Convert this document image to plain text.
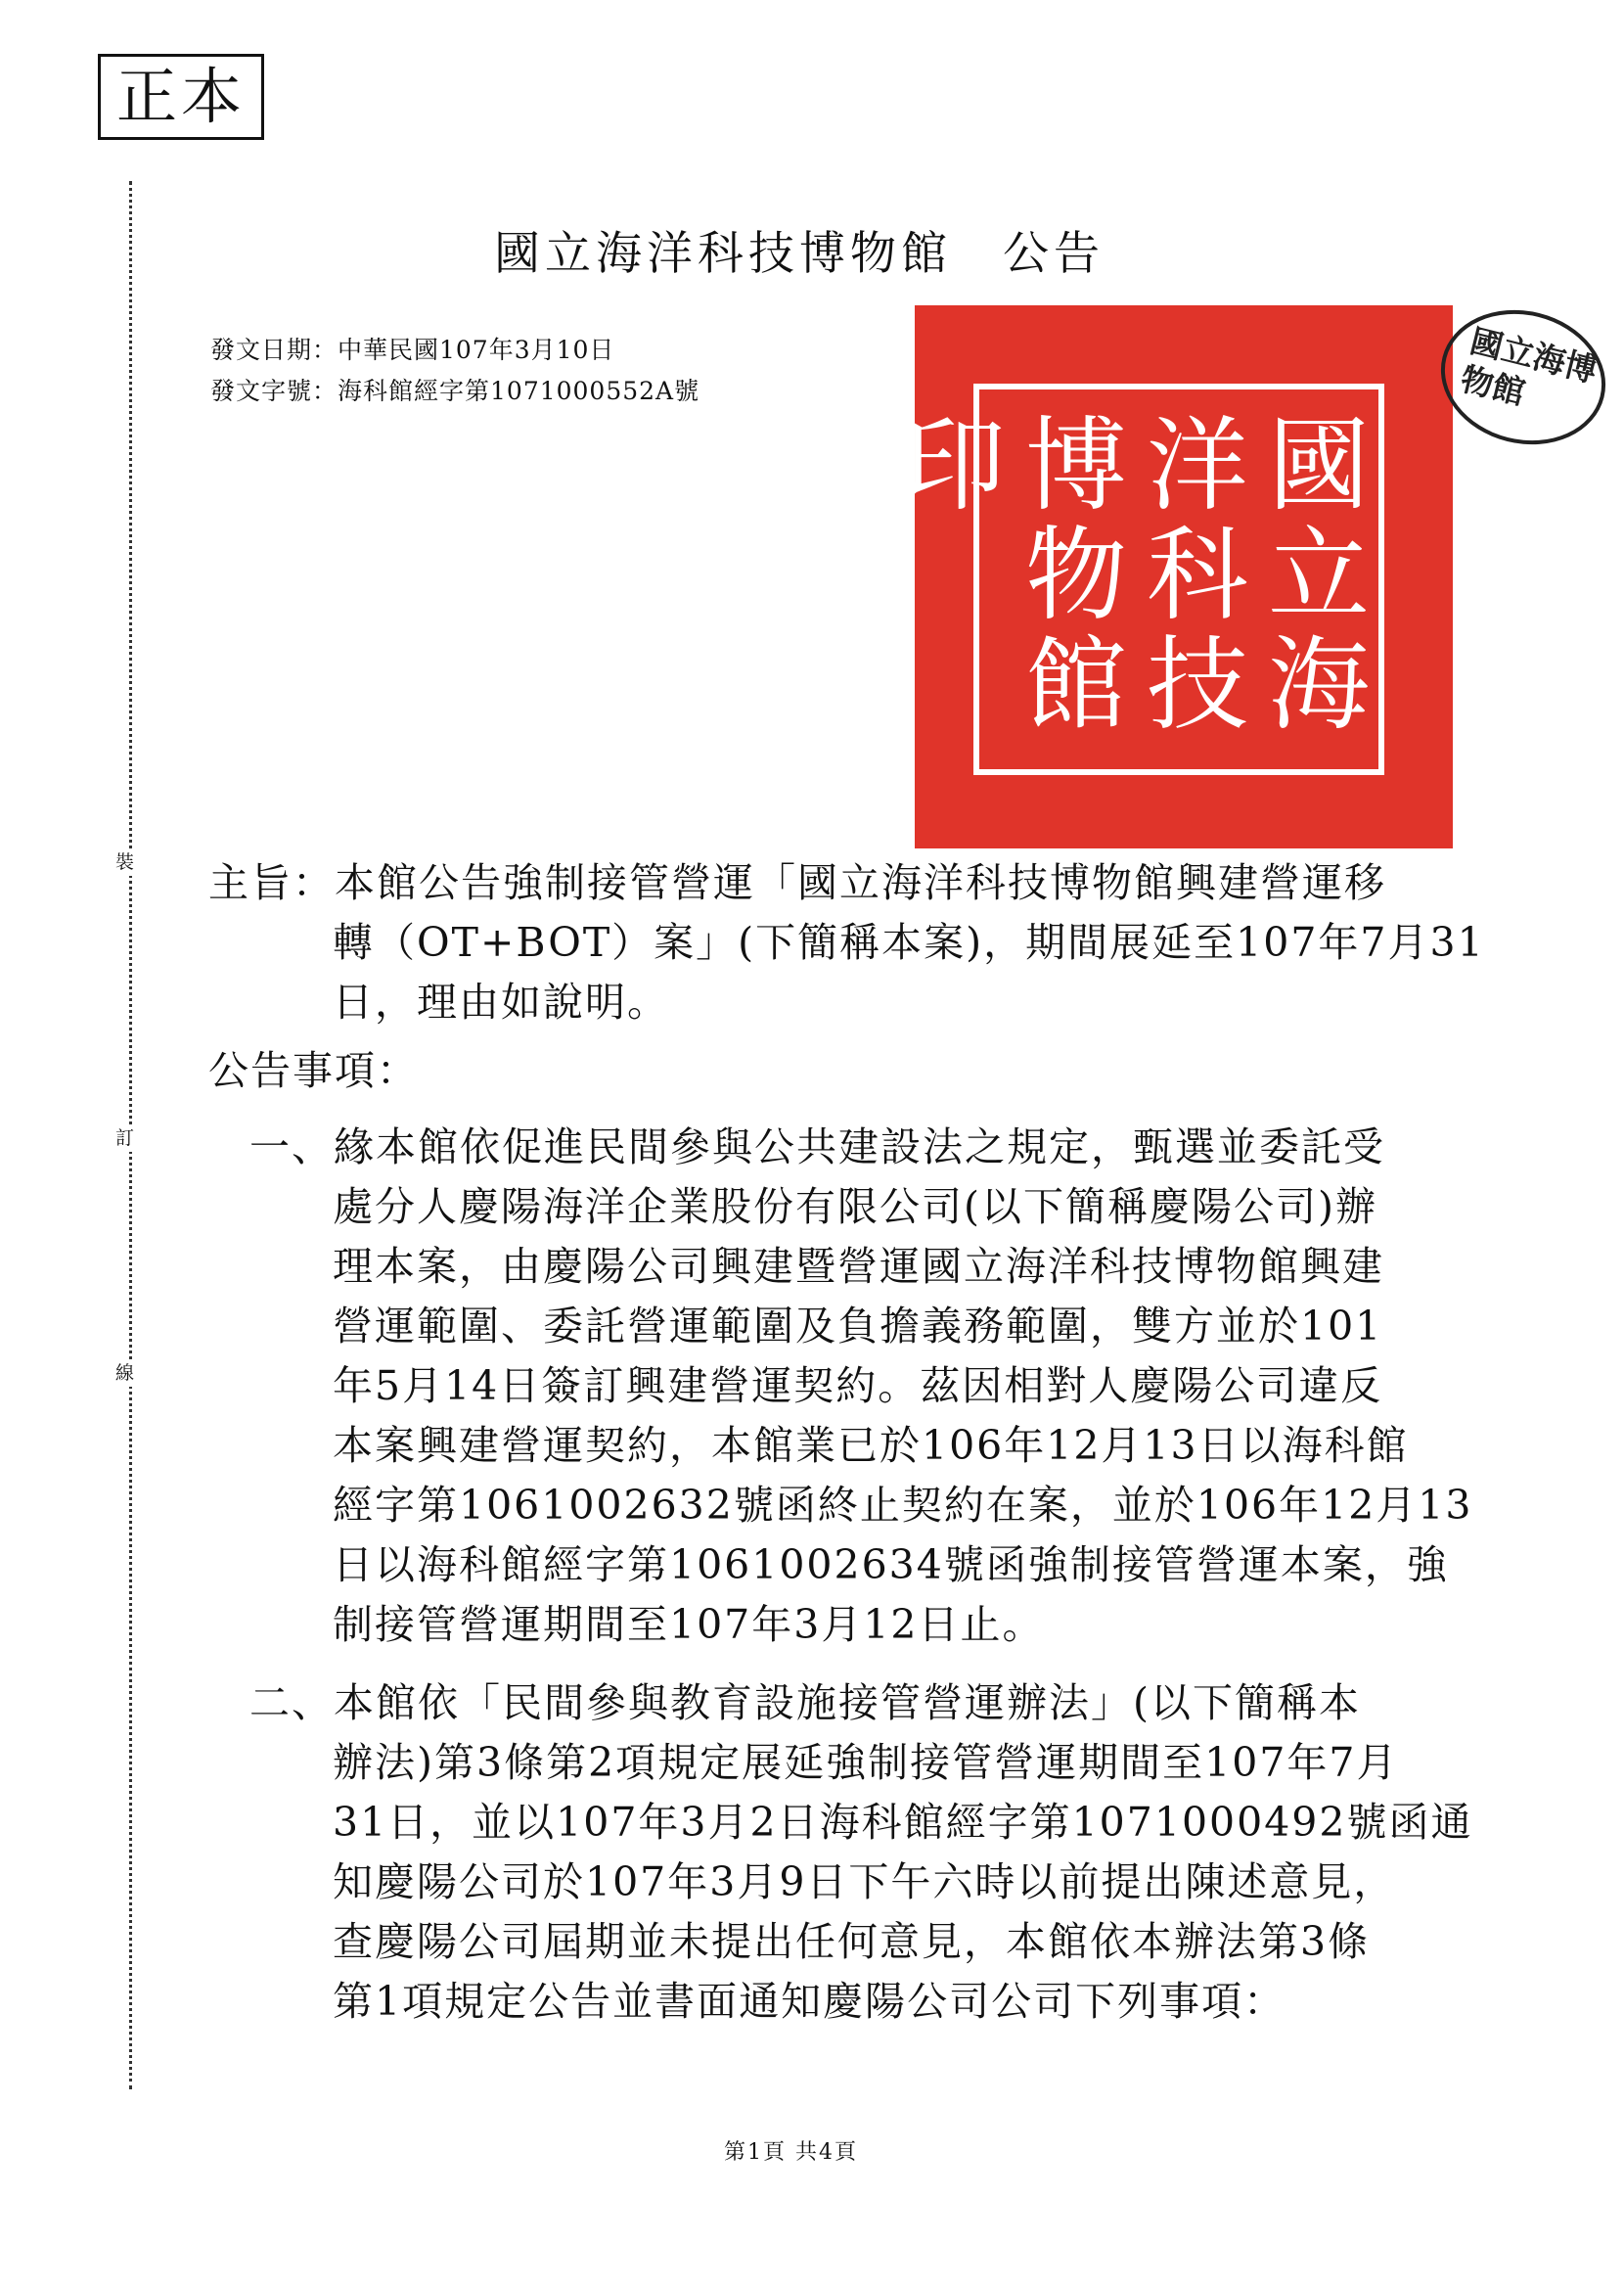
正本
裝
訂
線
國立海洋科技博物館　公告
發文日期：中華民國107年3月10日
發文字號：海科館經字第1071000552A號
國立海洋科技博物館印
國立海博物館
主旨：本館公告強制接管營運「國立海洋科技博物館興建營運移
轉（OT+BOT）案」(下簡稱本案)，期間展延至107年7月31
日，理由如說明。
公告事項：
一、緣本館依促進民間參與公共建設法之規定，甄選並委託受
處分人慶陽海洋企業股份有限公司(以下簡稱慶陽公司)辦
理本案，由慶陽公司興建暨營運國立海洋科技博物館興建
營運範圍、委託營運範圍及負擔義務範圍，雙方並於101
年5月14日簽訂興建營運契約。茲因相對人慶陽公司違反
本案興建營運契約，本館業已於106年12月13日以海科館
經字第1061002632號函終止契約在案，並於106年12月13
日以海科館經字第1061002634號函強制接管營運本案，強
制接管營運期間至107年3月12日止。
二、本館依「民間參與教育設施接管營運辦法」(以下簡稱本
辦法)第3條第2項規定展延強制接管營運期間至107年7月
31日，並以107年3月2日海科館經字第1071000492號函通
知慶陽公司於107年3月9日下午六時以前提出陳述意見，
查慶陽公司屆期並未提出任何意見，本館依本辦法第3條
第1項規定公告並書面通知慶陽公司公司下列事項：
第1頁 共4頁
